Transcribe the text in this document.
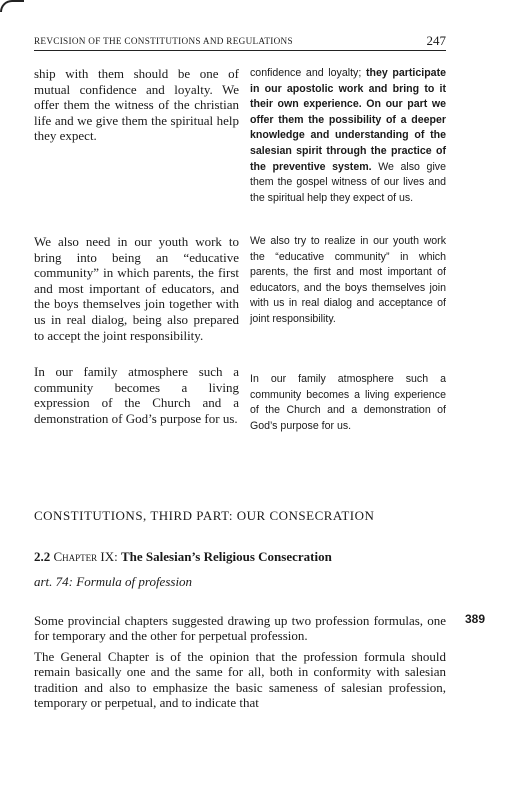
REVCISION OF THE CONSTITUTIONS AND REGULATIONS	247

ship with them should be one of mutual confidence and loyalty. We offer them the witness of the christian life and we give them the spiritual help they expect.

confidence and loyalty; they participate in our apostolic work and bring to it their own experience. On our part we offer them the possibility of a deeper knowledge and understanding of the salesian spirit through the practice of the preventive system. We also give them the gospel witness of our lives and the spiritual help they expect of us.

We also need in our youth work to bring into being an “educative community” in which parents, the first and most important of educators, and the boys themselves join together with us in real dialog, being also prepared to accept the joint responsibility.

We also try to realize in our youth work the “educative community” in which parents, the first and most important of educators, and the boys themselves join with us in real dialog and acceptance of joint responsibility.

In our family atmosphere such a community becomes a living expression of the Church and a demonstration of God’s purpose for us.

In our family atmosphere such a community becomes a living experience of the Church and a demonstration of God’s purpose for us.

CONSTITUTIONS, THIRD PART: OUR CONSECRATION
2.2 Chapter IX: The Salesian’s Religious Consecration
art. 74: Formula of profession

Some provincial chapters suggested drawing up two profession formulas, one for temporary and the other for perpetual profession.

The General Chapter is of the opinion that the profession formula should remain basically one and the same for all, both in conformity with salesian tradition and also to emphasize the basic sameness of salesian profession, temporary or perpetual, and to indicate that

389
